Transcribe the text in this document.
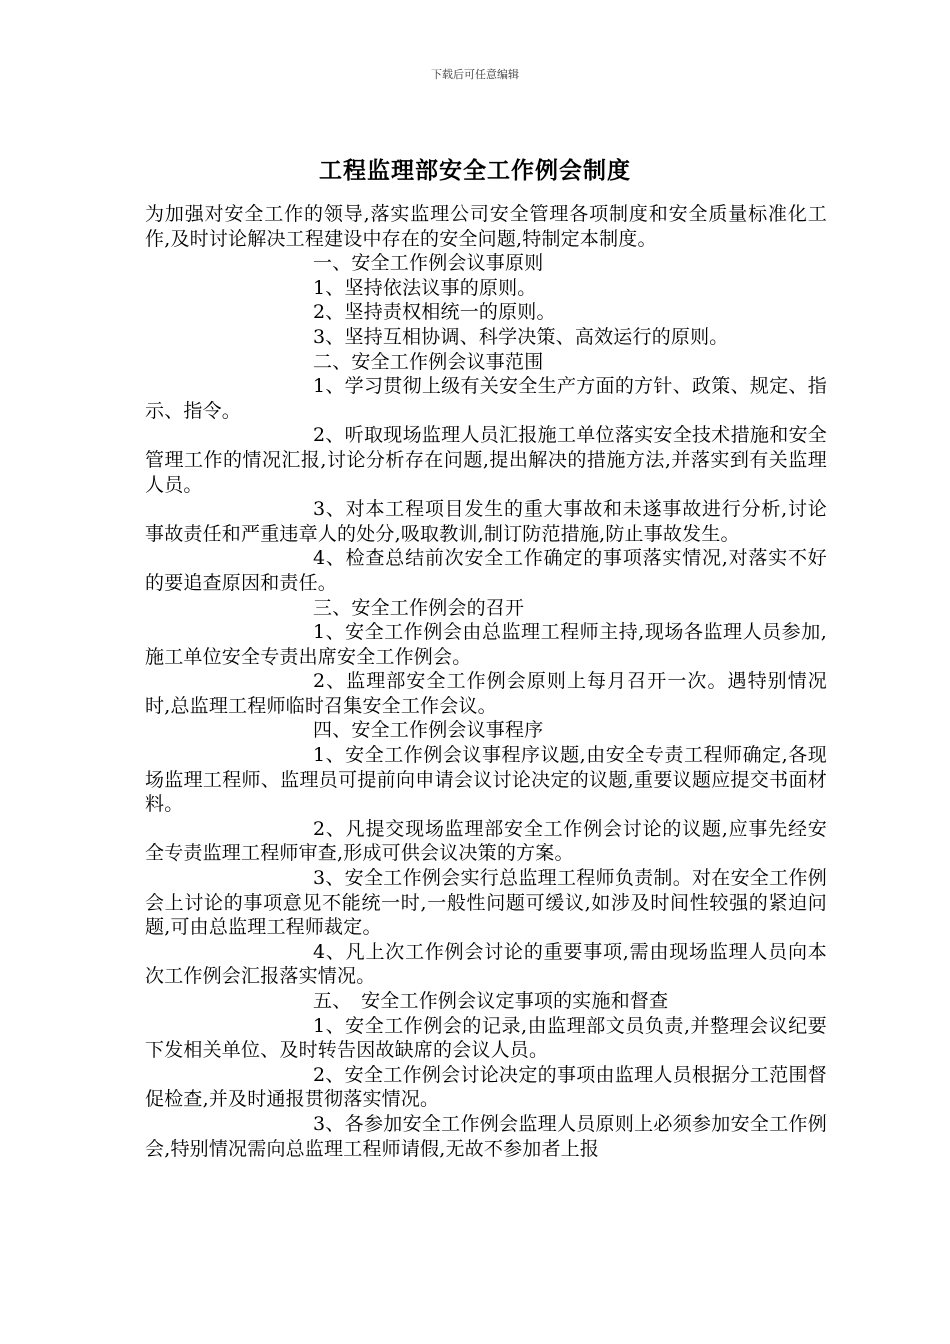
下载后可任意编辑
工程监理部安全工作例会制度

为加强对安全工作的领导,落实监理公司安全管理各项制度和安全质量标准化工作,及时讨论解决工程建设中存在的安全问题,特制定本制度。

一、安全工作例会议事原则

1、坚持依法议事的原则。

2、坚持责权相统一的原则。

3、坚持互相协调、科学决策、高效运行的原则。

二、安全工作例会议事范围

1、学习贯彻上级有关安全生产方面的方针、政策、规定、指示、指令。

2、听取现场监理人员汇报施工单位落实安全技术措施和安全管理工作的情况汇报,讨论分析存在问题,提出解决的措施方法,并落实到有关监理人员。

3、对本工程项目发生的重大事故和未遂事故进行分析,讨论事故责任和严重违章人的处分,吸取教训,制订防范措施,防止事故发生。

4、检查总结前次安全工作确定的事项落实情况,对落实不好的要追查原因和责任。

三、安全工作例会的召开

1、安全工作例会由总监理工程师主持,现场各监理人员参加,施工单位安全专责出席安全工作例会。

2、监理部安全工作例会原则上每月召开一次。遇特别情况时,总监理工程师临时召集安全工作会议。

四、安全工作例会议事程序

1、安全工作例会议事程序议题,由安全专责工程师确定,各现场监理工程师、监理员可提前向申请会议讨论决定的议题,重要议题应提交书面材料。

2、凡提交现场监理部安全工作例会讨论的议题,应事先经安全专责监理工程师审查,形成可供会议决策的方案。

3、安全工作例会实行总监理工程师负责制。对在安全工作例会上讨论的事项意见不能统一时,一般性问题可缓议,如涉及时间性较强的紧迫问题,可由总监理工程师裁定。

4、凡上次工作例会讨论的重要事项,需由现场监理人员向本次工作例会汇报落实情况。

五、　安全工作例会议定事项的实施和督查

1、安全工作例会的记录,由监理部文员负责,并整理会议纪要下发相关单位、及时转告因故缺席的会议人员。

2、安全工作例会讨论决定的事项由监理人员根据分工范围督促检查,并及时通报贯彻落实情况。

3、各参加安全工作例会监理人员原则上必须参加安全工作例会,特别情况需向总监理工程师请假,无故不参加者上报
